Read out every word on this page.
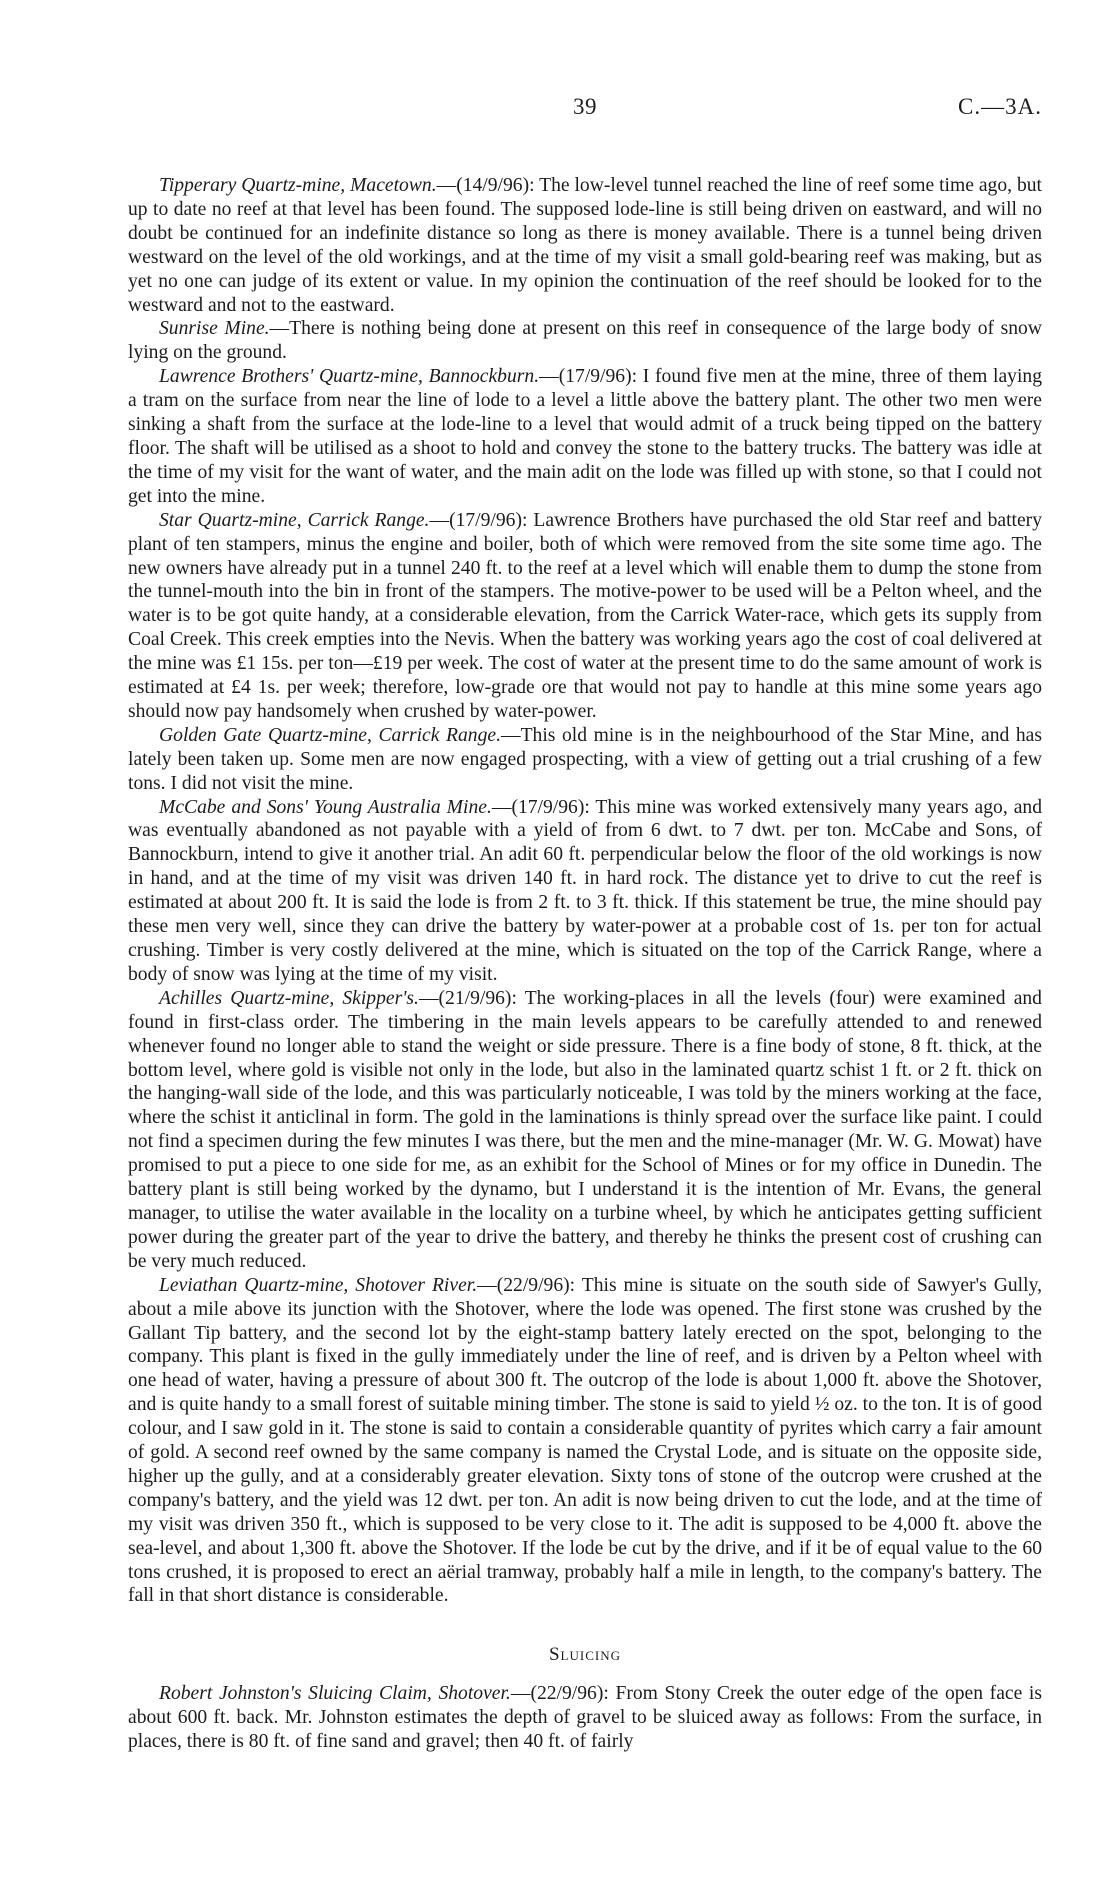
39	C.—3A.

Tipperary Quartz-mine, Macetown.—(14/9/96): The low-level tunnel reached the line of reef some time ago, but up to date no reef at that level has been found. The supposed lode-line is still being driven on eastward, and will no doubt be continued for an indefinite distance so long as there is money available. There is a tunnel being driven westward on the level of the old workings, and at the time of my visit a small gold-bearing reef was making, but as yet no one can judge of its extent or value. In my opinion the continuation of the reef should be looked for to the westward and not to the eastward.

Sunrise Mine.—There is nothing being done at present on this reef in consequence of the large body of snow lying on the ground.

Lawrence Brothers' Quartz-mine, Bannockburn.—(17/9/96): I found five men at the mine, three of them laying a tram on the surface from near the line of lode to a level a little above the battery plant. The other two men were sinking a shaft from the surface at the lode-line to a level that would admit of a truck being tipped on the battery floor. The shaft will be utilised as a shoot to hold and convey the stone to the battery trucks. The battery was idle at the time of my visit for the want of water, and the main adit on the lode was filled up with stone, so that I could not get into the mine.

Star Quartz-mine, Carrick Range.—(17/9/96): Lawrence Brothers have purchased the old Star reef and battery plant of ten stampers, minus the engine and boiler, both of which were removed from the site some time ago. The new owners have already put in a tunnel 240 ft. to the reef at a level which will enable them to dump the stone from the tunnel-mouth into the bin in front of the stampers. The motive-power to be used will be a Pelton wheel, and the water is to be got quite handy, at a considerable elevation, from the Carrick Water-race, which gets its supply from Coal Creek. This creek empties into the Nevis. When the battery was working years ago the cost of coal delivered at the mine was £1 15s. per ton—£19 per week. The cost of water at the present time to do the same amount of work is estimated at £4 1s. per week; therefore, low-grade ore that would not pay to handle at this mine some years ago should now pay handsomely when crushed by water-power.

Golden Gate Quartz-mine, Carrick Range.—This old mine is in the neighbourhood of the Star Mine, and has lately been taken up. Some men are now engaged prospecting, with a view of getting out a trial crushing of a few tons. I did not visit the mine.

McCabe and Sons' Young Australia Mine.—(17/9/96): This mine was worked extensively many years ago, and was eventually abandoned as not payable with a yield of from 6 dwt. to 7 dwt. per ton. McCabe and Sons, of Bannockburn, intend to give it another trial. An adit 60 ft. perpendicular below the floor of the old workings is now in hand, and at the time of my visit was driven 140 ft. in hard rock. The distance yet to drive to cut the reef is estimated at about 200 ft. It is said the lode is from 2 ft. to 3 ft. thick. If this statement be true, the mine should pay these men very well, since they can drive the battery by water-power at a probable cost of 1s. per ton for actual crushing. Timber is very costly delivered at the mine, which is situated on the top of the Carrick Range, where a body of snow was lying at the time of my visit.

Achilles Quartz-mine, Skipper's.—(21/9/96): The working-places in all the levels (four) were examined and found in first-class order. The timbering in the main levels appears to be carefully attended to and renewed whenever found no longer able to stand the weight or side pressure. There is a fine body of stone, 8 ft. thick, at the bottom level, where gold is visible not only in the lode, but also in the laminated quartz schist 1 ft. or 2 ft. thick on the hanging-wall side of the lode, and this was particularly noticeable, I was told by the miners working at the face, where the schist it anticlinal in form. The gold in the laminations is thinly spread over the surface like paint. I could not find a specimen during the few minutes I was there, but the men and the mine-manager (Mr. W. G. Mowat) have promised to put a piece to one side for me, as an exhibit for the School of Mines or for my office in Dunedin. The battery plant is still being worked by the dynamo, but I understand it is the intention of Mr. Evans, the general manager, to utilise the water available in the locality on a turbine wheel, by which he anticipates getting sufficient power during the greater part of the year to drive the battery, and thereby he thinks the present cost of crushing can be very much reduced.

Leviathan Quartz-mine, Shotover River.—(22/9/96): This mine is situate on the south side of Sawyer's Gully, about a mile above its junction with the Shotover, where the lode was opened. The first stone was crushed by the Gallant Tip battery, and the second lot by the eight-stamp battery lately erected on the spot, belonging to the company. This plant is fixed in the gully immediately under the line of reef, and is driven by a Pelton wheel with one head of water, having a pressure of about 300 ft. The outcrop of the lode is about 1,000 ft. above the Shotover, and is quite handy to a small forest of suitable mining timber. The stone is said to yield ½ oz. to the ton. It is of good colour, and I saw gold in it. The stone is said to contain a considerable quantity of pyrites which carry a fair amount of gold. A second reef owned by the same company is named the Crystal Lode, and is situate on the opposite side, higher up the gully, and at a considerably greater elevation. Sixty tons of stone of the outcrop were crushed at the company's battery, and the yield was 12 dwt. per ton. An adit is now being driven to cut the lode, and at the time of my visit was driven 350 ft., which is supposed to be very close to it. The adit is supposed to be 4,000 ft. above the sea-level, and about 1,300 ft. above the Shotover. If the lode be cut by the drive, and if it be of equal value to the 60 tons crushed, it is proposed to erect an aërial tramway, probably half a mile in length, to the company's battery. The fall in that short distance is considerable.

Sluicing

Robert Johnston's Sluicing Claim, Shotover.—(22/9/96): From Stony Creek the outer edge of the open face is about 600 ft. back. Mr. Johnston estimates the depth of gravel to be sluiced away as follows: From the surface, in places, there is 80 ft. of fine sand and gravel; then 40 ft. of fairly
